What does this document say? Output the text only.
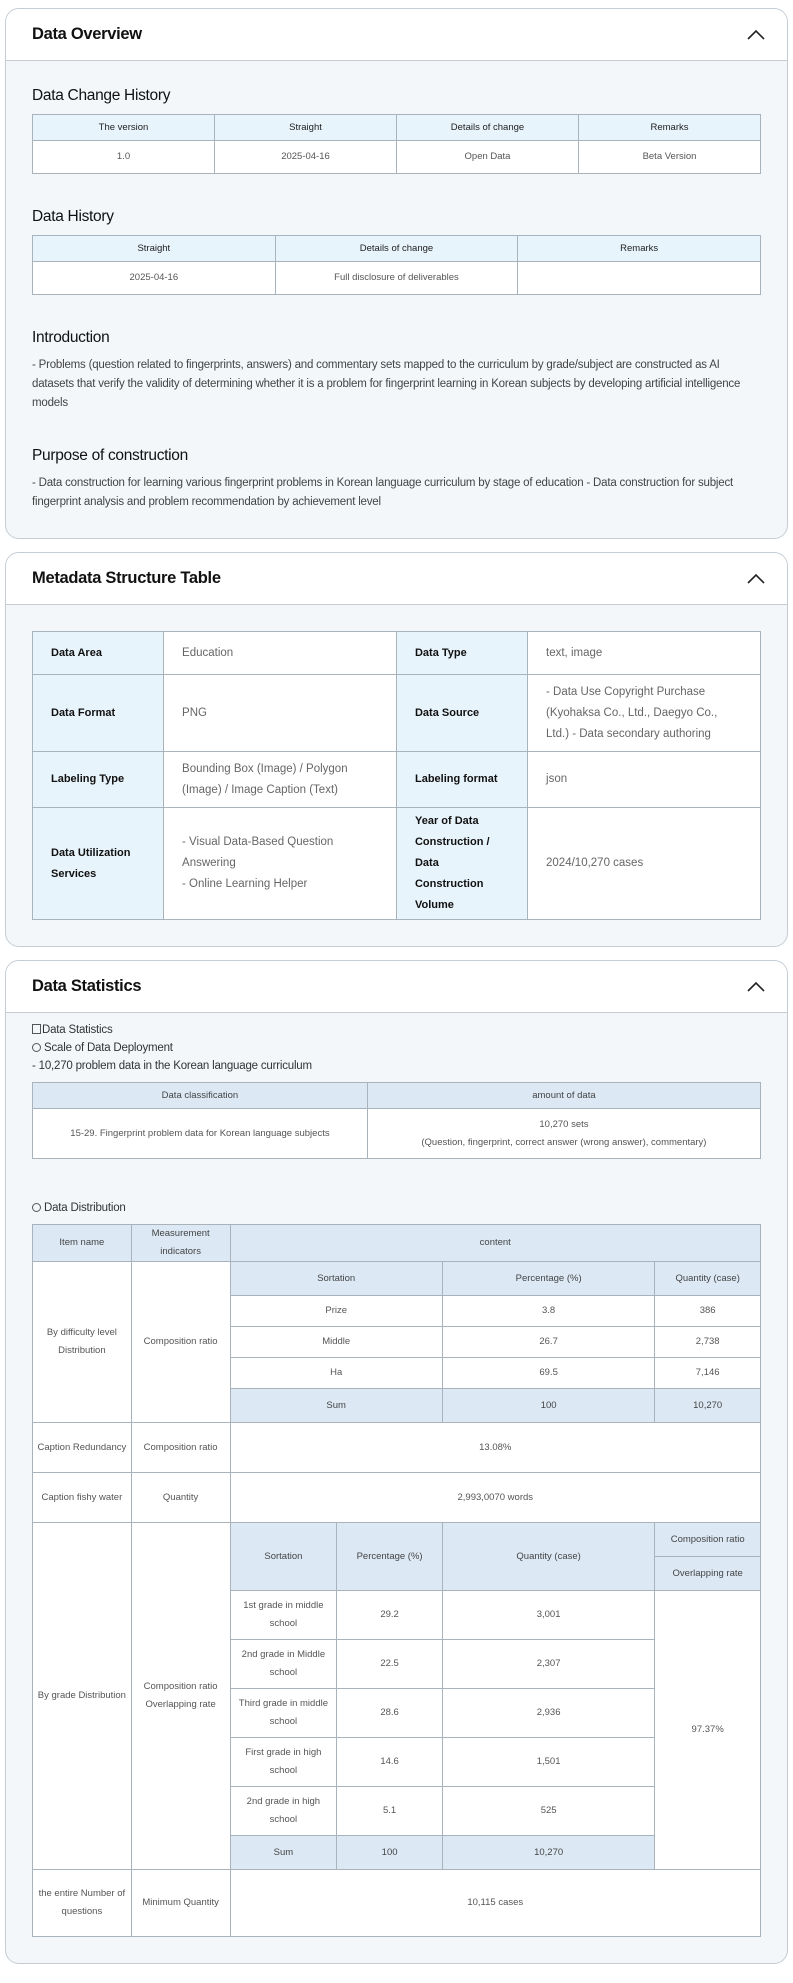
Data Overview
Data Change History
The version	Straight	Details of change	Remarks
1.0	2025-04-16	Open Data	Beta Version
Data History
Straight	Details of change	Remarks
2025-04-16	Full disclosure of deliverables	
Introduction

- Problems (question related to fingerprints, answers) and commentary sets mapped to the curriculum by grade/subject are constructed as AI datasets that verify the validity of determining whether it is a problem for fingerprint learning in Korean subjects by developing artificial intelligence models

Purpose of construction

- Data construction for learning various fingerprint problems in Korean language curriculum by stage of education - Data construction for subject fingerprint analysis and problem recommendation by achievement level

Metadata Structure Table
Data Area	Education	Data Type	text, image
Data Format	PNG	Data Source	- Data Use Copyright Purchase (Kyohaksa Co., Ltd., Daegyo Co., Ltd.) - Data secondary authoring
Labeling Type	Bounding Box (Image) / Polygon (Image) / Image Caption (Text)	Labeling format	json
Data Utilization Services	- Visual Data-Based Question Answering
- Online Learning Helper	Year of Data Construction / Data Construction Volume	2024/10,270 cases
Data Statistics
Data Statistics
Scale of Data Deployment
- 10,270 problem data in the Korean language curriculum
Data classification	amount of data
15-29. Fingerprint problem data for Korean language subjects	10,270 sets
(Question, fingerprint, correct answer (wrong answer), commentary)
Data Distribution
Item name	Measurement indicators	content			
By difficulty level Distribution	Composition ratio	Sortation		Percentage (%)	Quantity (case)
		Prize		3.8	386
		Middle		26.7	2,738
		Ha		69.5	7,146
		Sum		100	10,270
Caption Redundancy	Composition ratio	13.08%			
Caption fishy water	Quantity	2,993,0070 words			
By grade Distribution	Composition ratio Overlapping rate	Sortation	Percentage (%)	Quantity (case)	Composition ratio
					Overlapping rate
		1st grade in middle school	29.2	3,001	97.37%
		2nd grade in Middle school	22.5	2,307	
		Third grade in middle school	28.6	2,936	
		First grade in high school	14.6	1,501	
		2nd grade in high school	5.1	525	
		Sum	100	10,270	
the entire Number of questions	Minimum Quantity	10,115 cases			
